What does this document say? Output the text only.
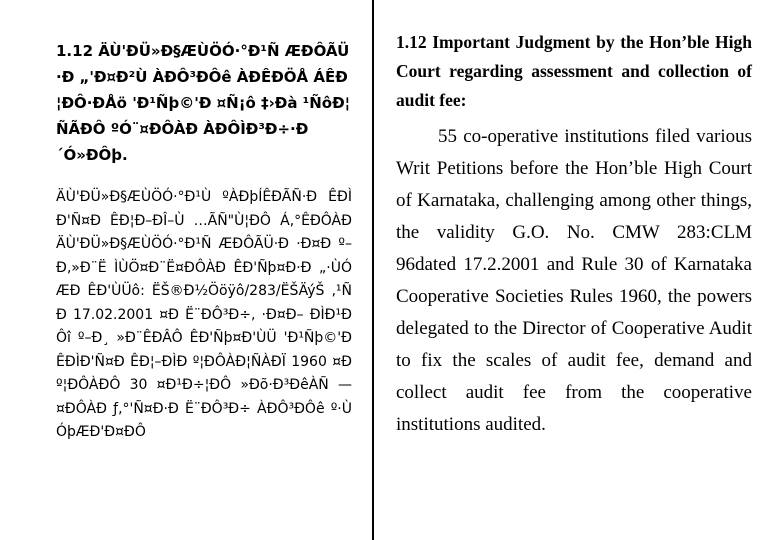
1.12 ÄÙ'ÐÜ»Ð§ÆÙÖÓ·°Ð¹Ñ ÆÐÔÃÜ·Ð „'Ð¤Ð²Ù ÀÐÔ³ÐÔê ÀÐÊÐÖÅ ÁÊÐ¦ÐÔ·ÐÅö 'Ð¹Ñþ©'Ð ¤Ñ¡ô ‡›Ðà ¹ÑôÐ¦ÑÃÐÔ ºÓ¨¤ÐÔÀÐ ÀÐÔÌÐ³Ð÷·Ð ´Ó»ÐÔþ.

ÄÙ'ÐÜ»Ð§ÆÙÖÓ·°Ð¹Ù ºÀÐþÍÊÐÃÑ·Ð ÊÐÌÐ'Ñ¤Ð ÊÐ¦Ð–ÐÎ–Ù …ÃÑ"Ù¦ÐÔ Á‚°ÊÐÔÀÐ ÄÙ'ÐÜ»Ð§ÆÙÖÓ·°Ð¹Ñ ÆÐÔÃÜ·Ð ·Ð¤Ð º–Ð‚»Ð¨Ë ÌÙÖ¤Ð¨Ë¤ÐÔÀÐ ÊÐ'Ñþ¤Ð·Ð „·ÙÓÆÐ ÊÐ'ÙÜô: ËŠ®Ð½Ööÿô/283/ËŠÄýŠ ‚¹ÑÐ 17.02.2001 ¤Ð Ë¨ÐÔ³Ð÷, ·Ð¤Ð– ÐÌÐ¹ÐÔî º–Ð¸ »Ð¨ÊÐÂÔ ÊÐ'Ñþ¤Ð'ÙÜ 'Ð¹Ñþ©'Ð ÊÐÌÐ'Ñ¤Ð ÊÐ¦–ÐÌÐ º¦ÐÔÀÐ¦ÑÀÐÏ 1960 ¤Ð º¦ÐÔÀÐÔ 30 ¤Ð¹Ð÷¦ÐÔ »Ðõ·Ð³ÐêÀÑ —¤ÐÔÀÐ ƒ‚°'Ñ¤Ð·Ð Ë¨ÐÔ³Ð÷ ÀÐÔ³ÐÔê º·ÙÓþÆÐ'Ð¤ÐÔ

1.12 Important Judgment by the Hon’ble High Court regarding assessment and collection of audit fee:

55 co-operative institutions filed various Writ Petitions before the Hon’ble High Court of Karnataka, challenging among other things, the validity G.O. No. CMW 283:CLM 96dated 17.2.2001 and Rule 30 of Karnataka Cooperative Societies Rules 1960, the powers delegated to the Director of Cooperative Audit to fix the scales of audit fee, demand and collect audit fee from the cooperative institutions audited.
